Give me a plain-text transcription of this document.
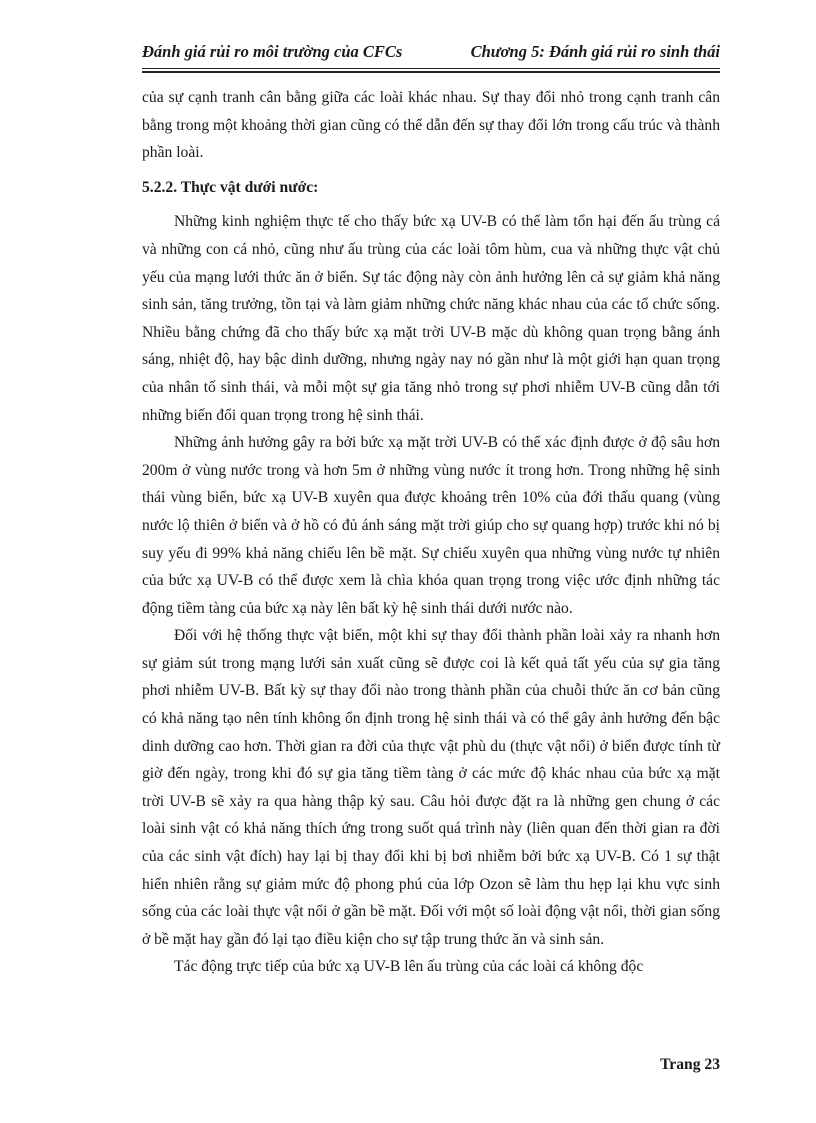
Đánh giá rủi ro môi trường của CFCs	Chương 5: Đánh giá rủi ro sinh thái

của sự cạnh tranh cân bằng giữa các loài khác nhau. Sự thay đổi nhỏ trong cạnh tranh cân bằng trong một khoảng thời gian cũng có thể dẫn đến sự thay đổi lớn trong cấu trúc và thành phần loài.

5.2.2. Thực vật dưới nước:

Những kinh nghiệm thực tế cho thấy bức xạ UV-B có thể làm tổn hại đến ấu trùng cá và những con cá nhỏ, cũng như ấu trùng của các loài tôm hùm, cua và những thực vật chủ yếu của mạng lưới thức ăn ở biển. Sự tác động này còn ảnh hưởng lên cả sự giảm khả năng sinh sản, tăng trưởng, tồn tại và làm giảm những chức năng khác nhau của các tổ chức sống. Nhiều bằng chứng đã cho thấy bức xạ mặt trời UV-B mặc dù không quan trọng bằng ánh sáng, nhiệt độ, hay bậc dinh dưỡng, nhưng ngày nay nó gần như là một giới hạn quan trọng của nhân tố sinh thái, và mỗi một sự gia tăng nhỏ trong sự phơi nhiễm UV-B cũng dẫn tới những biến đổi quan trọng trong hệ sinh thái.

Những ảnh hưởng gây ra bởi bức xạ mặt trời UV-B có thể xác định được ở độ sâu hơn 200m ở vùng nước trong và hơn 5m ở những vùng nước ít trong hơn. Trong những hệ sinh thái vùng biển, bức xạ UV-B xuyên qua được khoảng trên 10% của đới thấu quang (vùng nước lộ thiên ở biển và ở hồ có đủ ánh sáng mặt trời giúp cho sự quang hợp) trước khi nó bị suy yếu đi 99% khả năng chiếu lên bề mặt. Sự chiếu xuyên qua những vùng nước tự nhiên của bức xạ UV-B có thể được xem là chìa khóa quan trọng trong việc ước định những tác động tiềm tàng của bức xạ này lên bất kỳ hệ sinh thái dưới nước nào.

Đối với hệ thống thực vật biển, một khi sự thay đổi thành phần loài xảy ra nhanh hơn sự giảm sút trong mạng lưới sản xuất cũng sẽ được coi là kết quả tất yếu của sự gia tăng phơi nhiễm UV-B. Bất kỳ sự thay đổi nào trong thành phần của chuỗi thức ăn cơ bản cũng có khả năng tạo nên tính không ổn định trong hệ sinh thái và có thể gây ảnh hưởng đến bậc dinh dưỡng cao hơn. Thời gian ra đời của thực vật phù du (thực vật nổi) ở biển được tính từ giờ đến ngày, trong khi đó sự gia tăng tiềm tàng ở các mức độ khác nhau của bức xạ mặt trời UV-B sẽ xảy ra qua hàng thập kỷ sau. Câu hỏi được đặt ra là những gen chung ở các loài sinh vật có khả năng thích ứng trong suốt quá trình này (liên quan đến thời gian ra đời của các sinh vật đích) hay lại bị thay đổi khi bị bơi nhiễm bởi bức xạ UV-B. Có 1 sự thật hiển nhiên rằng sự giảm mức độ phong phú của lớp Ozon sẽ làm thu hẹp lại khu vực sinh sống của các loài thực vật nổi ở gần bề mặt. Đối với một số loài động vật nổi, thời gian sống ở bề mặt hay gần đó lại tạo điều kiện cho sự tập trung thức ăn và sinh sản.

Tác động trực tiếp của bức xạ UV-B lên ấu trùng của các loài cá không độc

Trang 23
